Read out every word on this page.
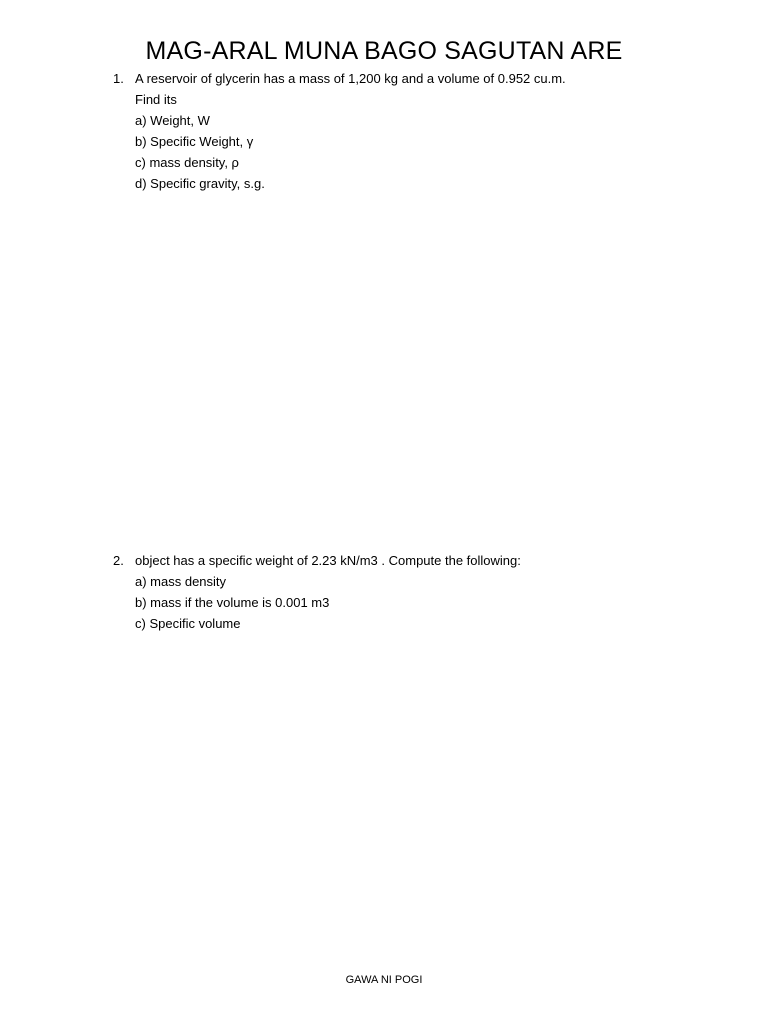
MAG-ARAL MUNA BAGO SAGUTAN ARE
1. A reservoir of glycerin has a mass of 1,200 kg and a volume of 0.952 cu.m.
Find its
a) Weight, W
b) Specific Weight, γ
c) mass density, ρ
d) Specific gravity, s.g.
2. object has a specific weight of 2.23 kN/m3 . Compute the following:
a) mass density
b) mass if the volume is 0.001 m3
c) Specific volume
GAWA NI POGI
